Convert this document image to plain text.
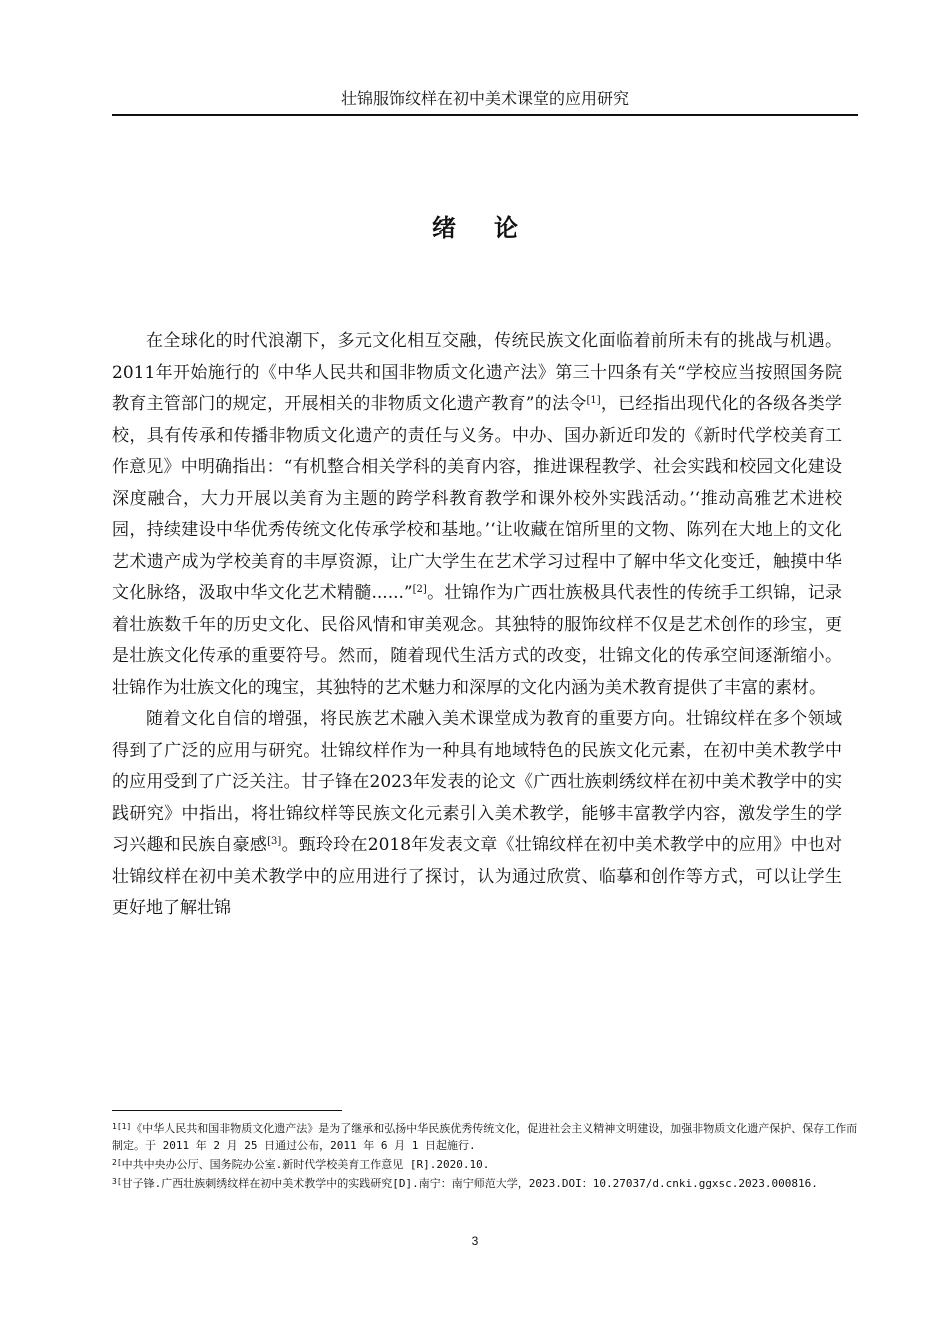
壮锦服饰纹样在初中美术课堂的应用研究
绪论

在全球化的时代浪潮下，多元文化相互交融，传统民族文化面临着前所未有的挑战与机遇。2011年开始施行的《中华人民共和国非物质文化遗产法》第三十四条有关“学校应当按照国务院教育主管部门的规定，开展相关的非物质文化遗产教育”的法令[1]，已经指出现代化的各级各类学校，具有传承和传播非物质文化遗产的责任与义务。中办、国办新近印发的《新时代学校美育工作意见》中明确指出：“有机整合相关学科的美育内容，推进课程教学、社会实践和校园文化建设深度融合，大力开展以美育为主题的跨学科教育教学和课外校外实践活动。’‘推动高雅艺术进校园，持续建设中华优秀传统文化传承学校和基地。’‘让收藏在馆所里的文物、陈列在大地上的文化艺术遗产成为学校美育的丰厚资源，让广大学生在艺术学习过程中了解中华文化变迁，触摸中华文化脉络，汲取中华文化艺术精髓......”[2]。壮锦作为广西壮族极具代表性的传统手工织锦，记录着壮族数千年的历史文化、民俗风情和审美观念。其独特的服饰纹样不仅是艺术创作的珍宝，更是壮族文化传承的重要符号。然而，随着现代生活方式的改变，壮锦文化的传承空间逐渐缩小。壮锦作为壮族文化的瑰宝，其独特的艺术魅力和深厚的文化内涵为美术教育提供了丰富的素材。

随着文化自信的增强，将民族艺术融入美术课堂成为教育的重要方向。壮锦纹样在多个领域得到了广泛的应用与研究。壮锦纹样作为一种具有地域特色的民族文化元素，在初中美术教学中的应用受到了广泛关注。甘子锋在2023年发表的论文《广西壮族刺绣纹样在初中美术教学中的实践研究》中指出，将壮锦纹样等民族文化元素引入美术教学，能够丰富教学内容，激发学生的学习兴趣和民族自豪感[3]。甄玲玲在2018年发表文章《壮锦纹样在初中美术教学中的应用》中也对壮锦纹样在初中美术教学中的应用进行了探讨，认为通过欣赏、临摹和创作等方式，可以让学生更好地了解壮锦

$^{1[1]}$《中华人民共和国非物质文化遗产法》是为了继承和弘扬中华民族优秀传统文化，促进社会主义精神文明建设，加强非物质文化遗产保护、保存工作而制定。于 2011 年 2 月 25 日通过公布，2011 年 6 月 1 日起施行.
$^{2[}$中共中央办公厅、国务院办公室.新时代学校美育工作意见 [R].2020.10.
$^{3[}$甘子锋.广西壮族刺绣纹样在初中美术教学中的实践研究[D].南宁：南宁师范大学，2023.DOI：10.27037/d.cnki.ggxsc.2023.000816.
3
